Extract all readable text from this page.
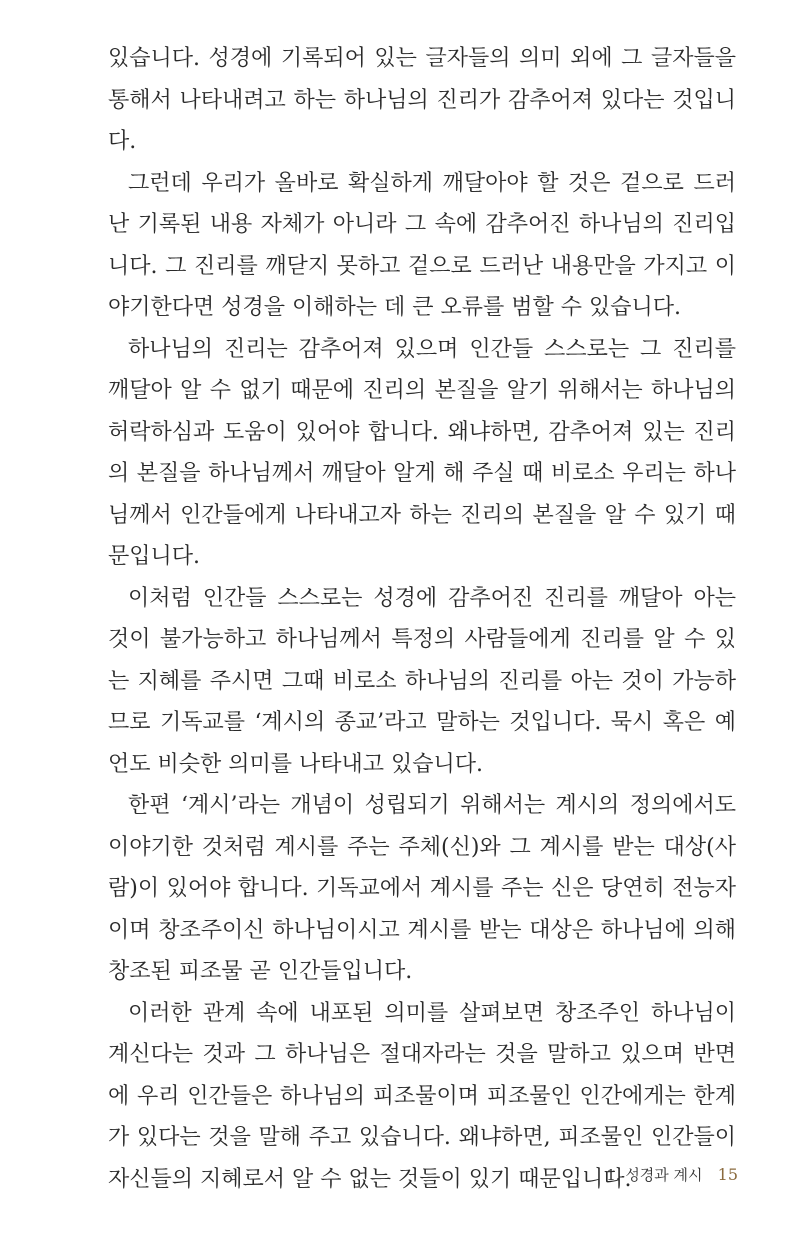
있습니다. 성경에 기록되어 있는 글자들의 의미 외에 그 글자들을 통해서 나타내려고 하는 하나님의 진리가 감추어져 있다는 것입니다.

그런데 우리가 올바로 확실하게 깨달아야 할 것은 겉으로 드러난 기록된 내용 자체가 아니라 그 속에 감추어진 하나님의 진리입니다. 그 진리를 깨닫지 못하고 겉으로 드러난 내용만을 가지고 이야기한다면 성경을 이해하는 데 큰 오류를 범할 수 있습니다.

하나님의 진리는 감추어져 있으며 인간들 스스로는 그 진리를 깨달아 알 수 없기 때문에 진리의 본질을 알기 위해서는 하나님의 허락하심과 도움이 있어야 합니다. 왜냐하면, 감추어져 있는 진리의 본질을 하나님께서 깨달아 알게 해 주실 때 비로소 우리는 하나님께서 인간들에게 나타내고자 하는 진리의 본질을 알 수 있기 때문입니다.

이처럼 인간들 스스로는 성경에 감추어진 진리를 깨달아 아는 것이 불가능하고 하나님께서 특정의 사람들에게 진리를 알 수 있는 지혜를 주시면 그때 비로소 하나님의 진리를 아는 것이 가능하므로 기독교를 ‘계시의 종교’라고 말하는 것입니다. 묵시 혹은 예언도 비슷한 의미를 나타내고 있습니다.

한편 ‘계시’라는 개념이 성립되기 위해서는 계시의 정의에서도 이야기한 것처럼 계시를 주는 주체(신)와 그 계시를 받는 대상(사람)이 있어야 합니다. 기독교에서 계시를 주는 신은 당연히 전능자이며 창조주이신 하나님이시고 계시를 받는 대상은 하나님에 의해 창조된 피조물 곧 인간들입니다.

이러한 관계 속에 내포된 의미를 살펴보면 창조주인 하나님이 계신다는 것과 그 하나님은 절대자라는 것을 말하고 있으며 반면에 우리 인간들은 하나님의 피조물이며 피조물인 인간에게는 한계가 있다는 것을 말해 주고 있습니다. 왜냐하면, 피조물인 인간들이 자신들의 지혜로서 알 수 없는 것들이 있기 때문입니다.

1. 성경과 계시 15
